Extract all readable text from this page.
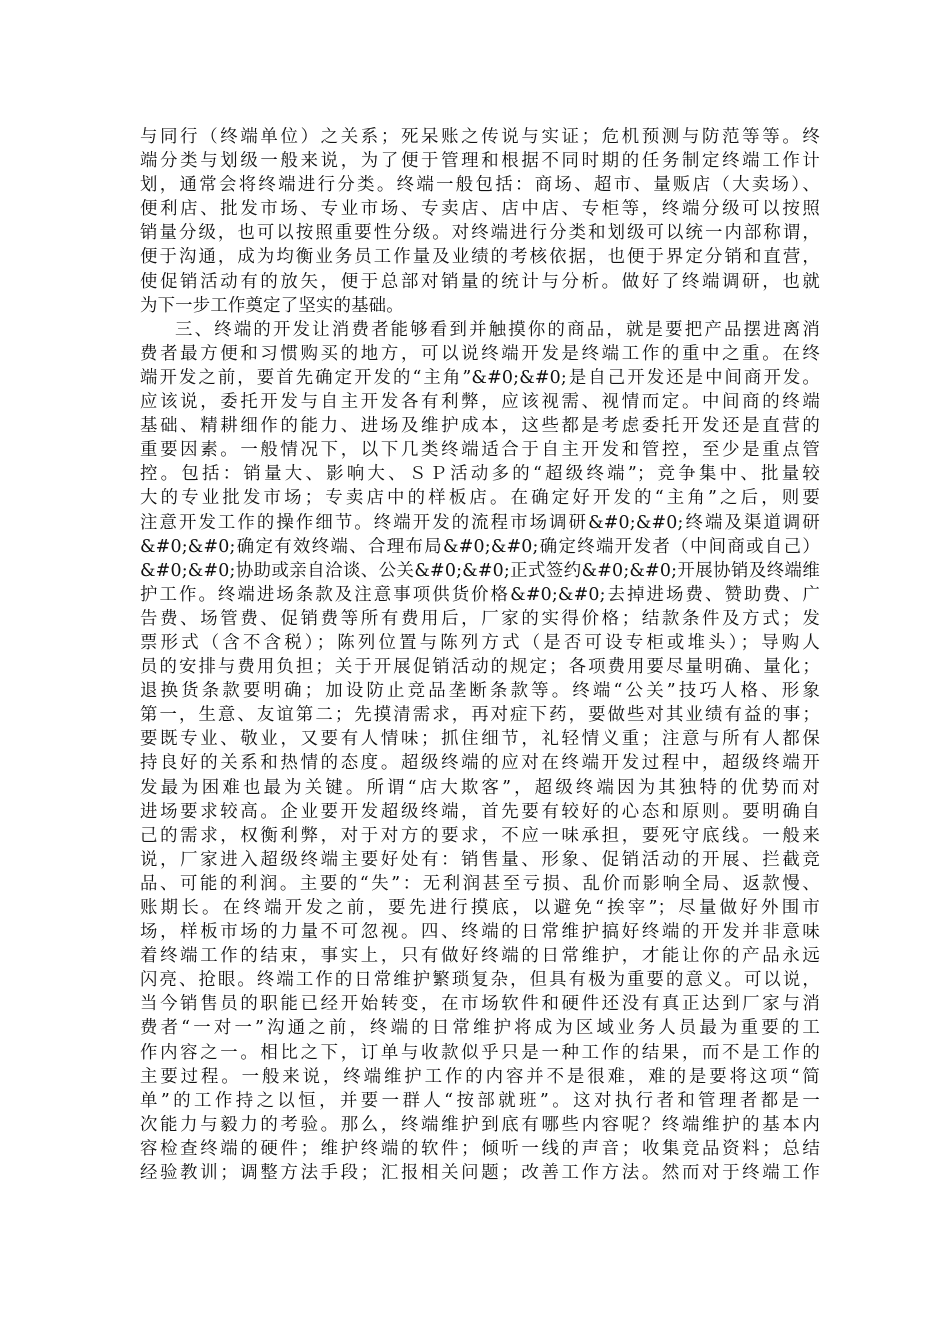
与同行（终端单位）之关系；死呆账之传说与实证；危机预测与防范等等。终
端分类与划级一般来说，为了便于管理和根据不同时期的任务制定终端工作计
划，通常会将终端进行分类。终端一般包括：商场、超市、量贩店（大卖场）、
便利店、批发市场、专业市场、专卖店、店中店、专柜等，终端分级可以按照
销量分级，也可以按照重要性分级。对终端进行分类和划级可以统一内部称谓，
便于沟通，成为均衡业务员工作量及业绩的考核依据，也便于界定分销和直营，
使促销活动有的放矢，便于总部对销量的统计与分析。做好了终端调研，也就
为下一步工作奠定了坚实的基础。
三、终端的开发让消费者能够看到并触摸你的商品，就是要把产品摆进离消
费者最方便和习惯购买的地方，可以说终端开发是终端工作的重中之重。在终
端开发之前，要首先确定开发的“主角”&#0;&#0;是自己开发还是中间商开发。
应该说，委托开发与自主开发各有利弊，应该视需、视情而定。中间商的终端
基础、精耕细作的能力、进场及维护成本，这些都是考虑委托开发还是直营的
重要因素。一般情况下，以下几类终端适合于自主开发和管控，至少是重点管
控。包括：销量大、影响大、ＳＰ活动多的“超级终端”；竞争集中、批量较
大的专业批发市场；专卖店中的样板店。在确定好开发的“主角”之后，则要
注意开发工作的操作细节。终端开发的流程市场调研&#0;&#0;终端及渠道调研
&#0;&#0;确定有效终端、合理布局&#0;&#0;确定终端开发者（中间商或自己）
&#0;&#0;协助或亲自洽谈、公关&#0;&#0;正式签约&#0;&#0;开展协销及终端维
护工作。终端进场条款及注意事项供货价格&#0;&#0;去掉进场费、赞助费、广
告费、场管费、促销费等所有费用后，厂家的实得价格；结款条件及方式；发
票形式（含不含税）；陈列位置与陈列方式（是否可设专柜或堆头）；导购人
员的安排与费用负担；关于开展促销活动的规定；各项费用要尽量明确、量化；
退换货条款要明确；加设防止竞品垄断条款等。终端“公关”技巧人格、形象
第一，生意、友谊第二；先摸清需求，再对症下药，要做些对其业绩有益的事；
要既专业、敬业，又要有人情味；抓住细节，礼轻情义重；注意与所有人都保
持良好的关系和热情的态度。超级终端的应对在终端开发过程中，超级终端开
发最为困难也最为关键。所谓“店大欺客”，超级终端因为其独特的优势而对
进场要求较高。企业要开发超级终端，首先要有较好的心态和原则。要明确自
己的需求，权衡利弊，对于对方的要求，不应一味承担，要死守底线。一般来
说，厂家进入超级终端主要好处有：销售量、形象、促销活动的开展、拦截竞
品、可能的利润。主要的“失”：无利润甚至亏损、乱价而影响全局、返款慢、
账期长。在终端开发之前，要先进行摸底，以避免“挨宰”；尽量做好外围市
场，样板市场的力量不可忽视。四、终端的日常维护搞好终端的开发并非意味
着终端工作的结束，事实上，只有做好终端的日常维护，才能让你的产品永远
闪亮、抢眼。终端工作的日常维护繁琐复杂，但具有极为重要的意义。可以说，
当今销售员的职能已经开始转变，在市场软件和硬件还没有真正达到厂家与消
费者“一对一”沟通之前，终端的日常维护将成为区域业务人员最为重要的工
作内容之一。相比之下，订单与收款似乎只是一种工作的结果，而不是工作的
主要过程。一般来说，终端维护工作的内容并不是很难，难的是要将这项“简
单”的工作持之以恒，并要一群人“按部就班”。这对执行者和管理者都是一
次能力与毅力的考验。那么，终端维护到底有哪些内容呢？终端维护的基本内
容检查终端的硬件；维护终端的软件；倾听一线的声音；收集竞品资料；总结
经验教训；调整方法手段；汇报相关问题；改善工作方法。然而对于终端工作
